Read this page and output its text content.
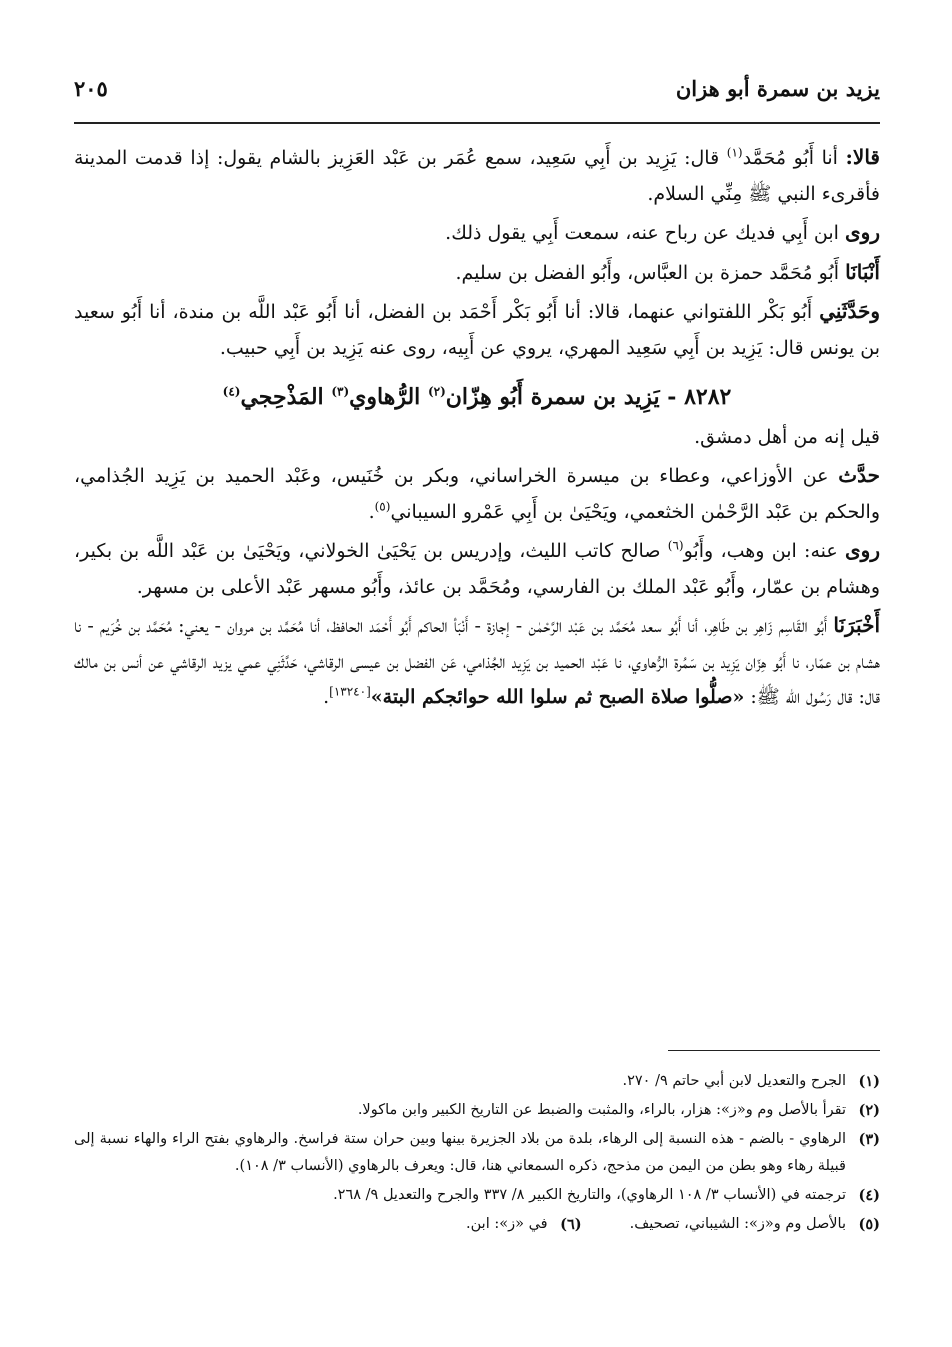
يزيد بن سمرة أبو هزان
٢٠٥

قالا: أنا أَبُو مُحَمَّد$^{(١)}$ قال: يَزِيد بن أَبِي سَعِيد، سمع عُمَر بن عَبْد العَزِيز بالشام يقول: إذا قدمت المدينة فأقرىء النبي ﷺ مِنِّي السلام.

روى ابن أَبِي فديك عن رباح عنه، سمعت أَبِي يقول ذلك.

أَنْبَانَا أَبُو مُحَمَّد حمزة بن العبَّاس، وأَبُو الفضل بن سليم.

وحَدَّثَنِي أَبُو بَكْر اللفتواني عنهما، قالا: أنا أَبُو بَكْر أَحْمَد بن الفضل، أنا أَبُو عَبْد اللَّه بن مندة، أنا أَبُو سعيد بن يونس قال: يَزِيد بن أَبِي سَعِيد المهري، يروي عن أَبِيه، روى عنه يَزِيد بن أَبِي حبيب.

٨٢٨٢ - يَزِيد بن سمرة أَبُو هِزّان$^{(٢)}$ الرُّهاوي$^{(٣)}$ المَذْحِجي$^{(٤)}$

قيل إنه من أهل دمشق.

حدَّث عن الأوزاعي، وعطاء بن ميسرة الخراساني، وبكر بن خُنَيس، وعَبْد الحميد بن يَزِيد الجُذامي، والحكم بن عَبْد الرَّحْمٰن الخثعمي، ويَحْيَىٰ بن أَبِي عَمْرو السيباني$^{(٥)}$.

روى عنه: ابن وهب، وأَبُو$^{(٦)}$ صالح كاتب الليث، وإدريس بن يَحْيَىٰ الخولاني، ويَحْيَىٰ بن عَبْد اللَّه بن بكير، وهشام بن عمّار، وأَبُو عَبْد الملك بن الفارسي، ومُحَمَّد بن عائذ، وأَبُو مسهر عَبْد الأعلى بن مسهر.

أَخْبَرَنَا أَبُو القَاسِم زَاهِر بن طَاهِر، أنا أَبُو سعد مُحَمَّد بن عَبْد الرَّحْمٰن - إجازة - أَنْبَأ الحاكم أَبُو أَحْمَد الحافظ، أنا مُحَمَّد بن مروان - يعني: مُحَمَّد بن خُرَيم - نا هشام بن عمّار، نا أَبُو هِزّان يَزِيد بن سَمُرة الرُّهاوي، نا عَبْد الحميد بن يَزِيد الجُذامي، عَن الفضل بن عيسى الرقاشي، حَدَّثَنِي عمي يزيد الرقاشي عن أنس بن مالك قال: قال رَسُول الله ﷺ: «صلُّوا صلاة الصبح ثم سلوا الله حوائجكم البتة»[١٣٢٤٠].

(١)
الجرح والتعديل لابن أبي حاتم ٩/ ٢٧٠.
(٢)
تقرأ بالأصل وم و«ز»: هزار، بالراء، والمثبت والضبط عن التاريخ الكبير وابن ماكولا.
(٣)
الرهاوي - بالضم - هذه النسبة إلى الرهاء، بلدة من بلاد الجزيرة بينها وبين حران ستة فراسخ. والرهاوي بفتح الراء والهاء نسبة إلى قبيلة رهاء وهو بطن من اليمن من مذحج، ذكره السمعاني هنا، قال: ويعرف بالرهاوي (الأنساب ٣/ ١٠٨).
(٤)
ترجمته في (الأنساب ٣/ ١٠٨ الرهاوي)، والتاريخ الكبير ٨/ ٣٣٧ والجرح والتعديل ٩/ ٢٦٨.
(٥)
بالأصل وم و«ز»: الشيباني، تصحيف.
(٦)
في «ز»: ابن.
